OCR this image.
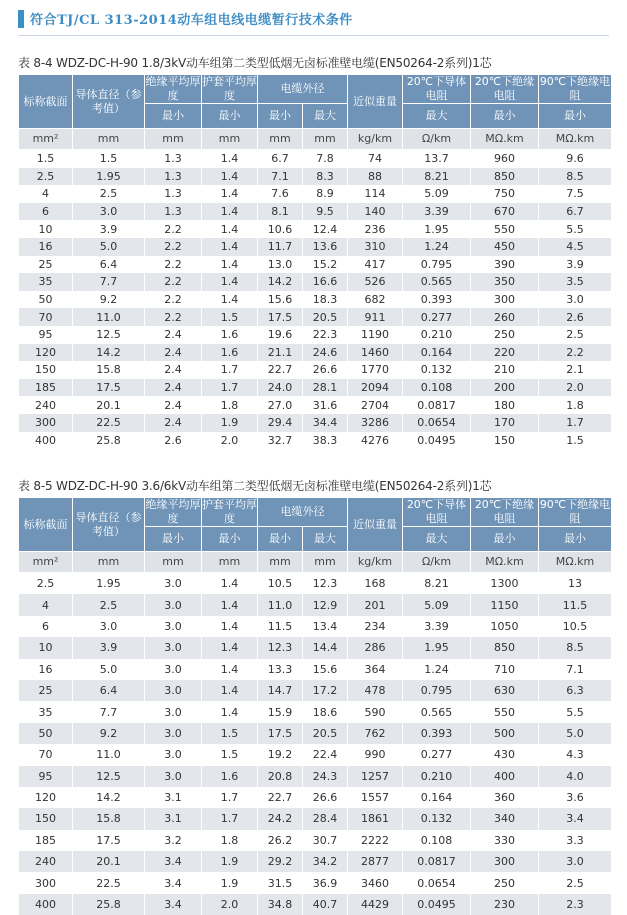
符合TJ/CL 313-2014动车组电线电缆暂行技术条件
表 8-4 WDZ-DC-H-90 1.8/3kV动车组第二类型低烟无卤标准壁电缆(EN50264-2系列)1芯
标称截面	导体直径（参考值）	绝缘平均厚度	护套平均厚度	电缆外径		近似重量	20℃下导体电阻	20℃下绝缘电阻	90℃下绝缘电阻
		最小	最小	最小	最大		最大	最小	最小
mm²	mm	mm	mm	mm	mm	kg/km	Ω/km	MΩ.km	MΩ.km
1.5	1.5	1.3	1.4	6.7	7.8	74	13.7	960	9.6
2.5	1.95	1.3	1.4	7.1	8.3	88	8.21	850	8.5
4	2.5	1.3	1.4	7.6	8.9	114	5.09	750	7.5
6	3.0	1.3	1.4	8.1	9.5	140	3.39	670	6.7
10	3.9	2.2	1.4	10.6	12.4	236	1.95	550	5.5
16	5.0	2.2	1.4	11.7	13.6	310	1.24	450	4.5
25	6.4	2.2	1.4	13.0	15.2	417	0.795	390	3.9
35	7.7	2.2	1.4	14.2	16.6	526	0.565	350	3.5
50	9.2	2.2	1.4	15.6	18.3	682	0.393	300	3.0
70	11.0	2.2	1.5	17.5	20.5	911	0.277	260	2.6
95	12.5	2.4	1.6	19.6	22.3	1190	0.210	250	2.5
120	14.2	2.4	1.6	21.1	24.6	1460	0.164	220	2.2
150	15.8	2.4	1.7	22.7	26.6	1770	0.132	210	2.1
185	17.5	2.4	1.7	24.0	28.1	2094	0.108	200	2.0
240	20.1	2.4	1.8	27.0	31.6	2704	0.0817	180	1.8
300	22.5	2.4	1.9	29.4	34.4	3286	0.0654	170	1.7
400	25.8	2.6	2.0	32.7	38.3	4276	0.0495	150	1.5
表 8-5 WDZ-DC-H-90 3.6/6kV动车组第二类型低烟无卤标准壁电缆(EN50264-2系列)1芯
标称截面	导体直径（参考值）	绝缘平均厚度	护套平均厚度	电缆外径		近似重量	20℃下导体电阻	20℃下绝缘电阻	90℃下绝缘电阻
		最小	最小	最小	最大		最大	最小	最小
mm²	mm	mm	mm	mm	mm	kg/km	Ω/km	MΩ.km	MΩ.km
2.5	1.95	3.0	1.4	10.5	12.3	168	8.21	1300	13
4	2.5	3.0	1.4	11.0	12.9	201	5.09	1150	11.5
6	3.0	3.0	1.4	11.5	13.4	234	3.39	1050	10.5
10	3.9	3.0	1.4	12.3	14.4	286	1.95	850	8.5
16	5.0	3.0	1.4	13.3	15.6	364	1.24	710	7.1
25	6.4	3.0	1.4	14.7	17.2	478	0.795	630	6.3
35	7.7	3.0	1.4	15.9	18.6	590	0.565	550	5.5
50	9.2	3.0	1.5	17.5	20.5	762	0.393	500	5.0
70	11.0	3.0	1.5	19.2	22.4	990	0.277	430	4.3
95	12.5	3.0	1.6	20.8	24.3	1257	0.210	400	4.0
120	14.2	3.1	1.7	22.7	26.6	1557	0.164	360	3.6
150	15.8	3.1	1.7	24.2	28.4	1861	0.132	340	3.4
185	17.5	3.2	1.8	26.2	30.7	2222	0.108	330	3.3
240	20.1	3.4	1.9	29.2	34.2	2877	0.0817	300	3.0
300	22.5	3.4	1.9	31.5	36.9	3460	0.0654	250	2.5
400	25.8	3.4	2.0	34.8	40.7	4429	0.0495	230	2.3
